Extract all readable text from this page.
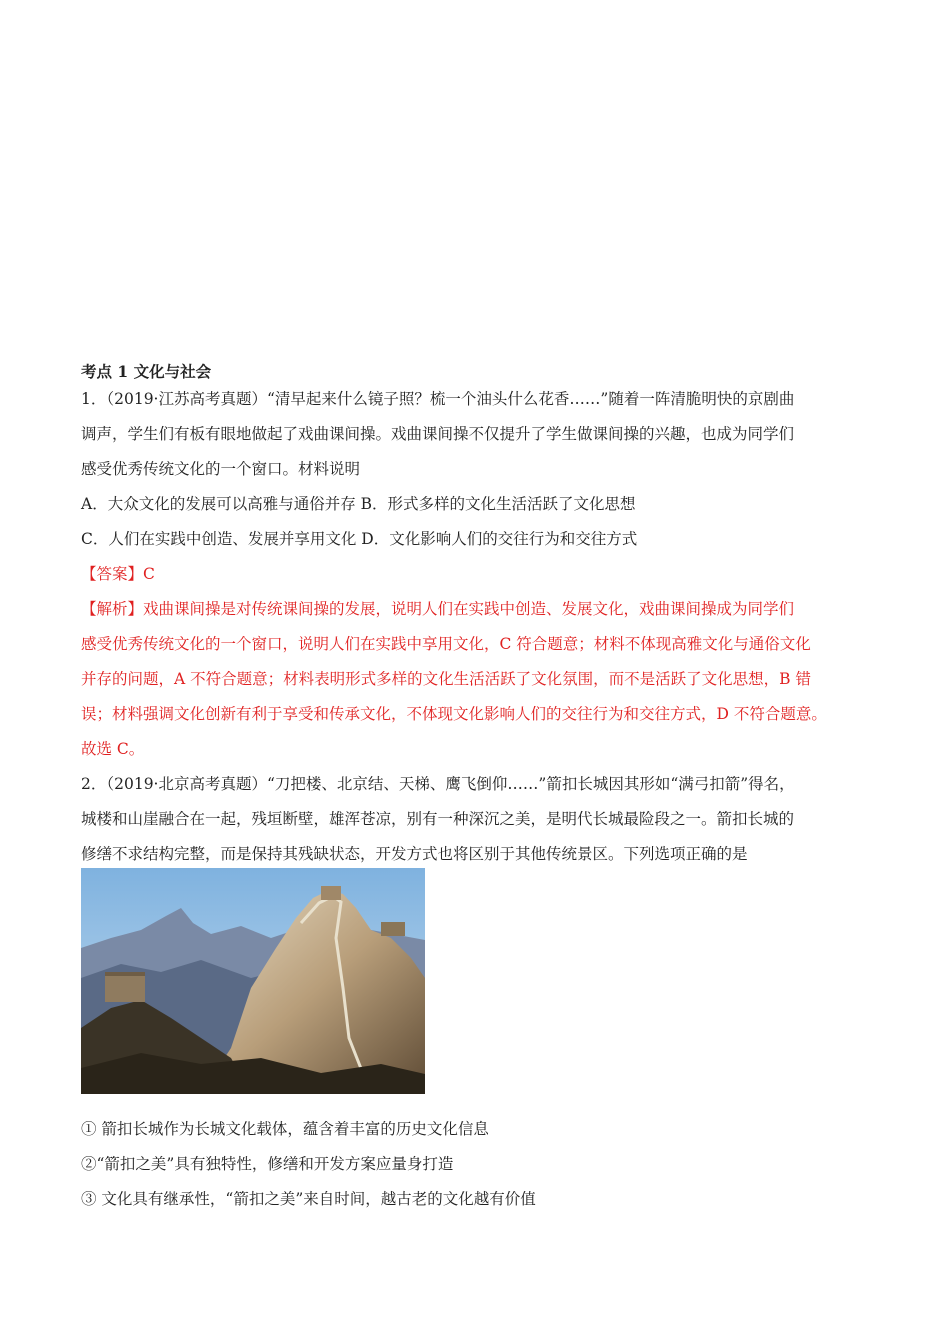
考点 1 文化与社会

1．（2019·江苏高考真题）“清早起来什么镜子照？梳一个油头什么花香……”随着一阵清脆明快的京剧曲

调声，学生们有板有眼地做起了戏曲课间操。戏曲课间操不仅提升了学生做课间操的兴趣，也成为同学们

感受优秀传统文化的一个窗口。材料说明

A．大众文化的发展可以高雅与通俗并存 B．形式多样的文化生活活跃了文化思想

C．人们在实践中创造、发展并享用文化 D．文化影响人们的交往行为和交往方式

【答案】C

【解析】戏曲课间操是对传统课间操的发展，说明人们在实践中创造、发展文化，戏曲课间操成为同学们

感受优秀传统文化的一个窗口，说明人们在实践中享用文化，C 符合题意；材料不体现高雅文化与通俗文化

并存的问题，A 不符合题意；材料表明形式多样的文化生活活跃了文化氛围，而不是活跃了文化思想，B 错

误；材料强调文化创新有利于享受和传承文化，不体现文化影响人们的交往行为和交往方式，D 不符合题意。

故选 C。

2．（2019·北京高考真题）“刀把楼、北京结、天梯、鹰飞倒仰……”箭扣长城因其形如“满弓扣箭”得名，

城楼和山崖融合在一起，残垣断壁，雄浑苍凉，别有一种深沉之美，是明代长城最险段之一。箭扣长城的

修缮不求结构完整，而是保持其残缺状态，开发方式也将区别于其他传统景区。下列选项正确的是

① 箭扣长城作为长城文化载体，蕴含着丰富的历史文化信息

②“箭扣之美”具有独特性，修缮和开发方案应量身打造

③ 文化具有继承性，“箭扣之美”来自时间，越古老的文化越有价值
